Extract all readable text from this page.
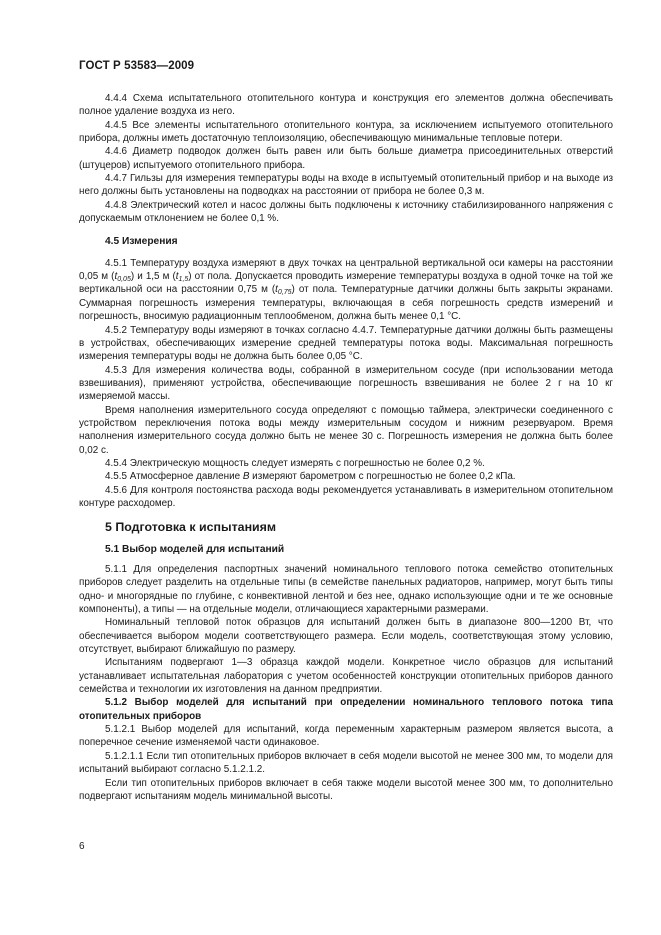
ГОСТ Р 53583—2009

4.4.4 Схема испытательного отопительного контура и конструкция его элементов должна обеспечивать полное удаление воздуха из него.

4.4.5 Все элементы испытательного отопительного контура, за исключением испытуемого отопительного прибора, должны иметь достаточную теплоизоляцию, обеспечивающую минимальные тепловые потери.

4.4.6 Диаметр подводок должен быть равен или быть больше диаметра присоединительных отверстий (штуцеров) испытуемого отопительного прибора.

4.4.7 Гильзы для измерения температуры воды на входе в испытуемый отопительный прибор и на выходе из него должны быть установлены на подводках на расстоянии от прибора не более 0,3 м.

4.4.8 Электрический котел и насос должны быть подключены к источнику стабилизированного напряжения с допускаемым отклонением не более 0,1 %.

4.5 Измерения

4.5.1 Температуру воздуха измеряют в двух точках на центральной вертикальной оси камеры на расстоянии 0,05 м $(t_{0,05})$ и 1,5 м $(t_{1,5})$ от пола. Допускается проводить измерение температуры воздуха в одной точке на той же вертикальной оси на расстоянии 0,75 м $(t_{0,75})$ от пола. Температурные датчики должны быть закрыты экранами. Суммарная погрешность измерения температуры, включающая в себя погрешность средств измерений и погрешность, вносимую радиационным теплообменом, должна быть менее 0,1 °С.

4.5.2 Температуру воды измеряют в точках согласно 4.4.7. Температурные датчики должны быть размещены в устройствах, обеспечивающих измерение средней температуры потока воды. Максимальная погрешность измерения температуры воды не должна быть более 0,05 °С.

4.5.3 Для измерения количества воды, собранной в измерительном сосуде (при использовании метода взвешивания), применяют устройства, обеспечивающие погрешность взвешивания не более 2 г на 10 кг измеряемой массы.

Время наполнения измерительного сосуда определяют с помощью таймера, электрически соединенного с устройством переключения потока воды между измерительным сосудом и нижним резервуаром. Время наполнения измерительного сосуда должно быть не менее 30 с. Погрешность измерения не должна быть более 0,02 с.

4.5.4 Электрическую мощность следует измерять с погрешностью не более 0,2 %.

4.5.5 Атмосферное давление B измеряют барометром с погрешностью не более 0,2 кПа.

4.5.6 Для контроля постоянства расхода воды рекомендуется устанавливать в измерительном отопительном контуре расходомер.

5 Подготовка к испытаниям
5.1 Выбор моделей для испытаний

5.1.1 Для определения паспортных значений номинального теплового потока семейство отопительных приборов следует разделить на отдельные типы (в семействе панельных радиаторов, например, могут быть типы одно- и многорядные по глубине, с конвективной лентой и без нее, однако использующие одни и те же основные компоненты), а типы — на отдельные модели, отличающиеся характерными размерами.

Номинальный тепловой поток образцов для испытаний должен быть в диапазоне 800—1200 Вт, что обеспечивается выбором модели соответствующего размера. Если модель, соответствующая этому условию, отсутствует, выбирают ближайшую по размеру.

Испытаниям подвергают 1—3 образца каждой модели. Конкретное число образцов для испытаний устанавливает испытательная лаборатория с учетом особенностей конструкции отопительных приборов данного семейства и технологии их изготовления на данном предприятии.

5.1.2 Выбор моделей для испытаний при определении номинального теплового потока типа отопительных приборов

5.1.2.1 Выбор моделей для испытаний, когда переменным характерным размером является высота, а поперечное сечение изменяемой части одинаковое.

5.1.2.1.1 Если тип отопительных приборов включает в себя модели высотой не менее 300 мм, то модели для испытаний выбирают согласно 5.1.2.1.2.

Если тип отопительных приборов включает в себя также модели высотой менее 300 мм, то дополнительно подвергают испытаниям модель минимальной высоты.

6
